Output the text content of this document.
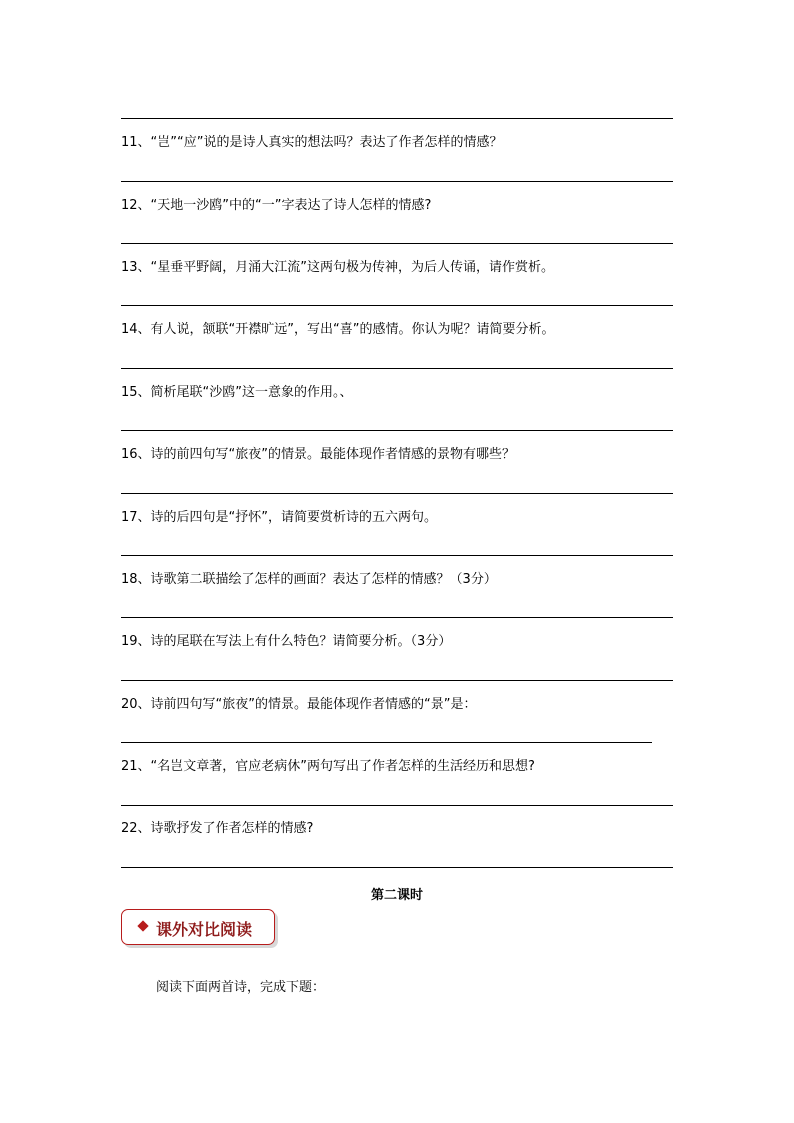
11、“岂”“应”说的是诗人真实的想法吗？表达了作者怎样的情感？
12、“天地一沙鸥”中的“一”字表达了诗人怎样的情感?
13、“星垂平野阔，月涌大江流”这两句极为传神，为后人传诵，请作赏析。
14、有人说，颔联“开襟旷远”，写出“喜”的感情。你认为呢？请简要分析。
15、简析尾联“沙鸥”这一意象的作用。、
16、诗的前四句写“旅夜”的情景。最能体现作者情感的景物有哪些？
17、诗的后四句是“抒怀”，请简要赏析诗的五六两句。
18、诗歌第二联描绘了怎样的画面？表达了怎样的情感？（3分）
19、诗的尾联在写法上有什么特色？请简要分析。（3分）
20、诗前四句写“旅夜”的情景。最能体现作者情感的“景”是：
21、“名岂文章著，官应老病休”两句写出了作者怎样的生活经历和思想?
22、诗歌抒发了作者怎样的情感?
第二课时
课外对比阅读
阅读下面两首诗，完成下题：
